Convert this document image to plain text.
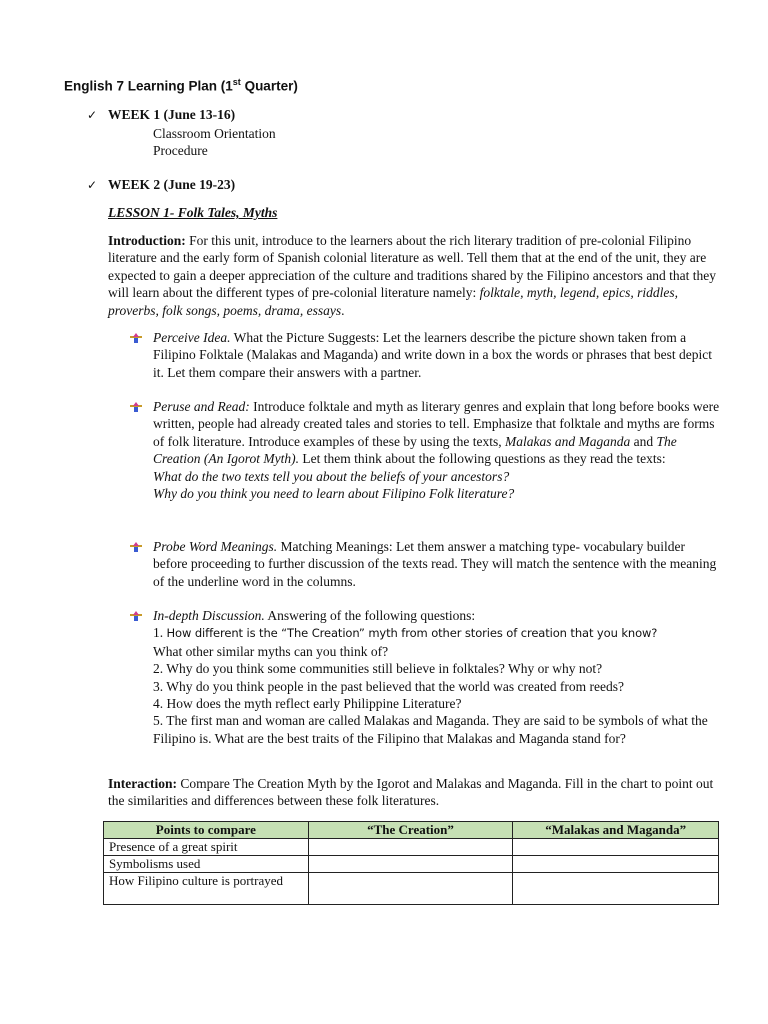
English 7 Learning Plan (1st Quarter)
✓ WEEK 1 (June 13-16)
Classroom Orientation
Procedure
✓ WEEK 2 (June 19-23)
LESSON 1- Folk Tales, Myths
Introduction: For this unit, introduce to the learners about the rich literary tradition of pre-colonial Filipino literature and the early form of Spanish colonial literature as well. Tell them that at the end of the unit, they are expected to gain a deeper appreciation of the culture and traditions shared by the Filipino ancestors and that they will learn about the different types of pre-colonial literature namely: folktale, myth, legend, epics, riddles, proverbs, folk songs, poems, drama, essays.
Perceive Idea. What the Picture Suggests: Let the learners describe the picture shown taken from a Filipino Folktale (Malakas and Maganda) and write down in a box the words or phrases that best depict it. Let them compare their answers with a partner.
Peruse and Read: Introduce folktale and myth as literary genres and explain that long before books were written, people had already created tales and stories to tell. Emphasize that folktale and myths are forms of folk literature. Introduce examples of these by using the texts, Malakas and Maganda and The Creation (An Igorot Myth). Let them think about the following questions as they read the texts:
What do the two texts tell you about the beliefs of your ancestors?
Why do you think you need to learn about Filipino Folk literature?
Probe Word Meanings. Matching Meanings: Let them answer a matching type- vocabulary builder before proceeding to further discussion of the texts read. They will match the sentence with the meaning of the underline word in the columns.
In-depth Discussion. Answering of the following questions:
1. How different is the “The Creation” myth from other stories of creation that you know?
What other similar myths can you think of?
2. Why do you think some communities still believe in folktales? Why or why not?
3. Why do you think people in the past believed that the world was created from reeds?
4. How does the myth reflect early Philippine Literature?
5. The first man and woman are called Malakas and Maganda. They are said to be symbols of what the Filipino is. What are the best traits of the Filipino that Malakas and Maganda stand for?
Interaction: Compare The Creation Myth by the Igorot and Malakas and Maganda. Fill in the chart to point out the similarities and differences between these folk literatures.
Points to compare	“The Creation”	“Malakas and Maganda”
Presence of a great spirit		
Symbolisms used		
How Filipino culture is portrayed		
